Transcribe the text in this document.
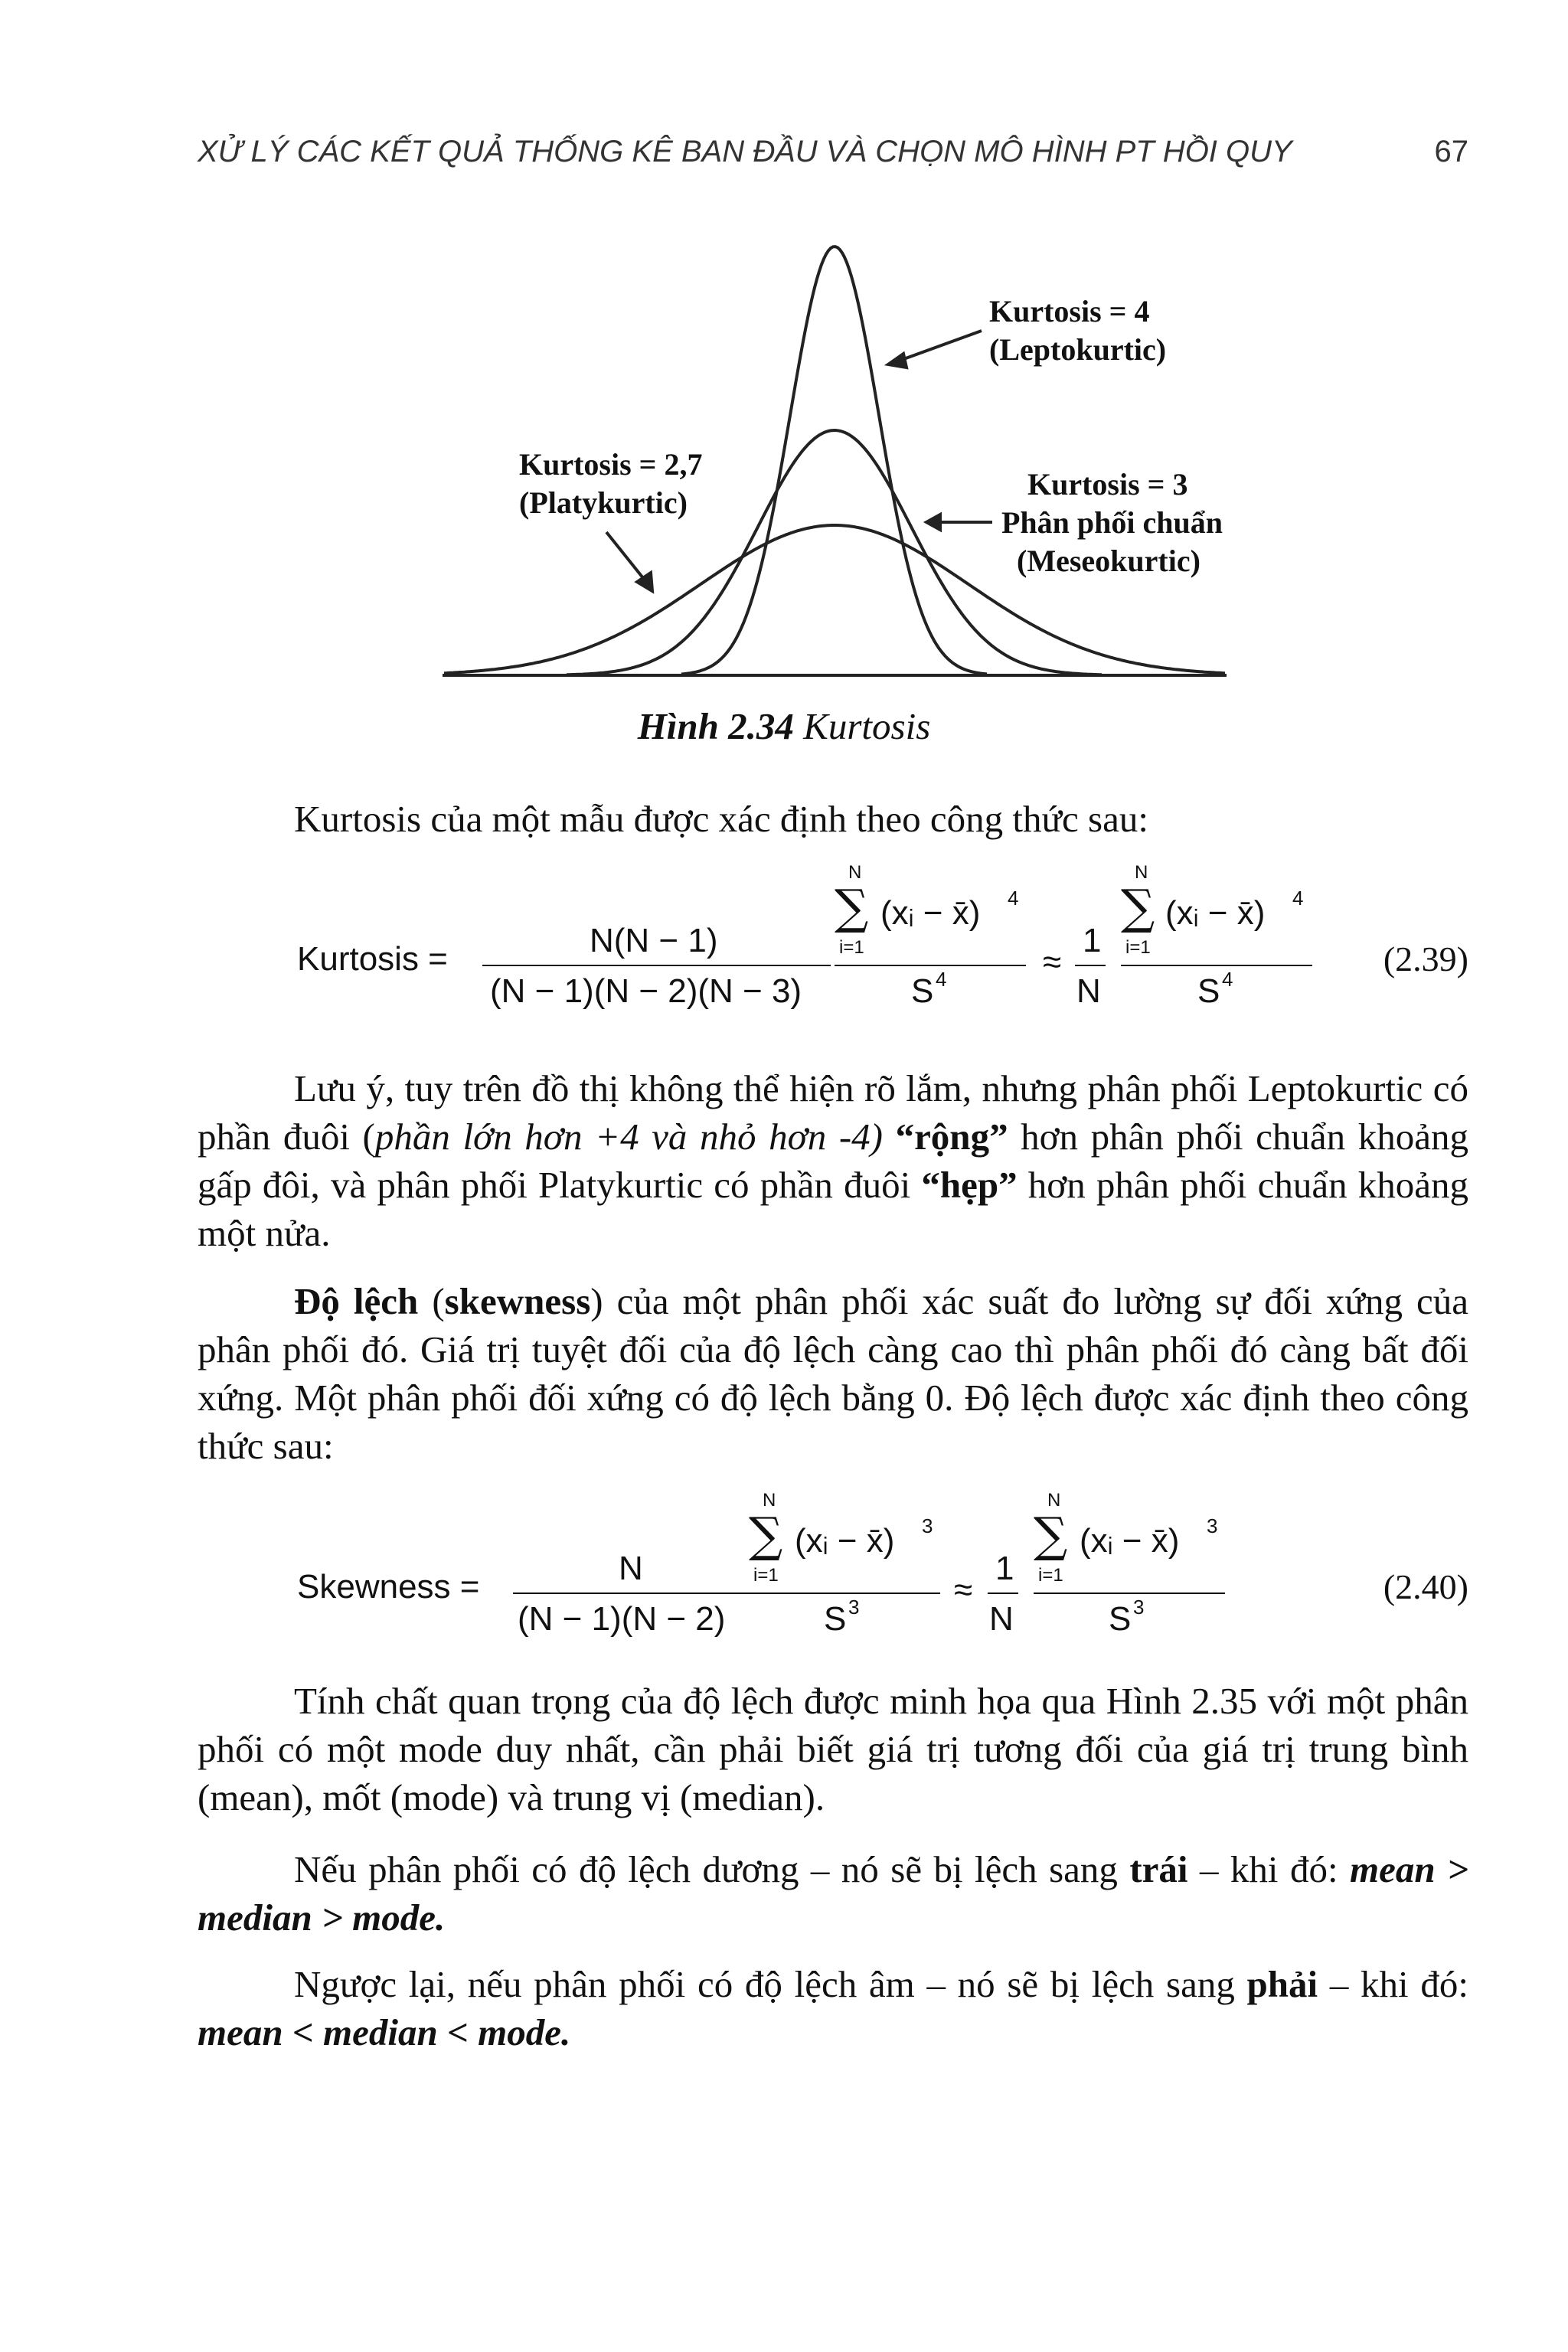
XỬ LÝ CÁC KẾT QUẢ THỐNG KÊ BAN ĐẦU VÀ CHỌN MÔ HÌNH PT HỒI QUY	67
Kurtosis = 4
(Leptokurtic)
Kurtosis = 2,7
(Platykurtic)
Kurtosis = 3
Phân phối chuẩn
(Meseokurtic)
Hình 2.34 Kurtosis
Kurtosis của một mẫu được xác định theo công thức sau:
Kurtosis =	N(N − 1)
(N − 1)(N − 2)(N − 3)
N
∑
i=1
(xᵢ − x̄) 4
S 4	≈
1
N
N
∑
i=1
(xᵢ − x̄) 4
S 4
(2.39)
Lưu ý, tuy trên đồ thị không thể hiện rõ lắm, nhưng phân phối Leptokurtic có phần đuôi (phần lớn hơn +4 và nhỏ hơn -4) “rộng” hơn phân phối chuẩn khoảng gấp đôi, và phân phối Platykurtic có phần đuôi “hẹp” hơn phân phối chuẩn khoảng một nửa.
Độ lệch (skewness) của một phân phối xác suất đo lường sự đối xứng của phân phối đó. Giá trị tuyệt đối của độ lệch càng cao thì phân phối đó càng bất đối xứng. Một phân phối đối xứng có độ lệch bằng 0. Độ lệch được xác định theo công thức sau:
Skewness =	N
(N − 1)(N − 2)
N
∑
i=1
(xᵢ − x̄) 3
S 3	≈
1
N
N
∑
i=1
(xᵢ − x̄) 3
S 3
(2.40)
Tính chất quan trọng của độ lệch được minh họa qua Hình 2.35 với một phân phối có một mode duy nhất, cần phải biết giá trị tương đối của giá trị trung bình (mean), mốt (mode) và trung vị (median).
Nếu phân phối có độ lệch dương – nó sẽ bị lệch sang trái – khi đó: mean > median > mode.
Ngược lại, nếu phân phối có độ lệch âm – nó sẽ bị lệch sang phải – khi đó: mean < median < mode.
